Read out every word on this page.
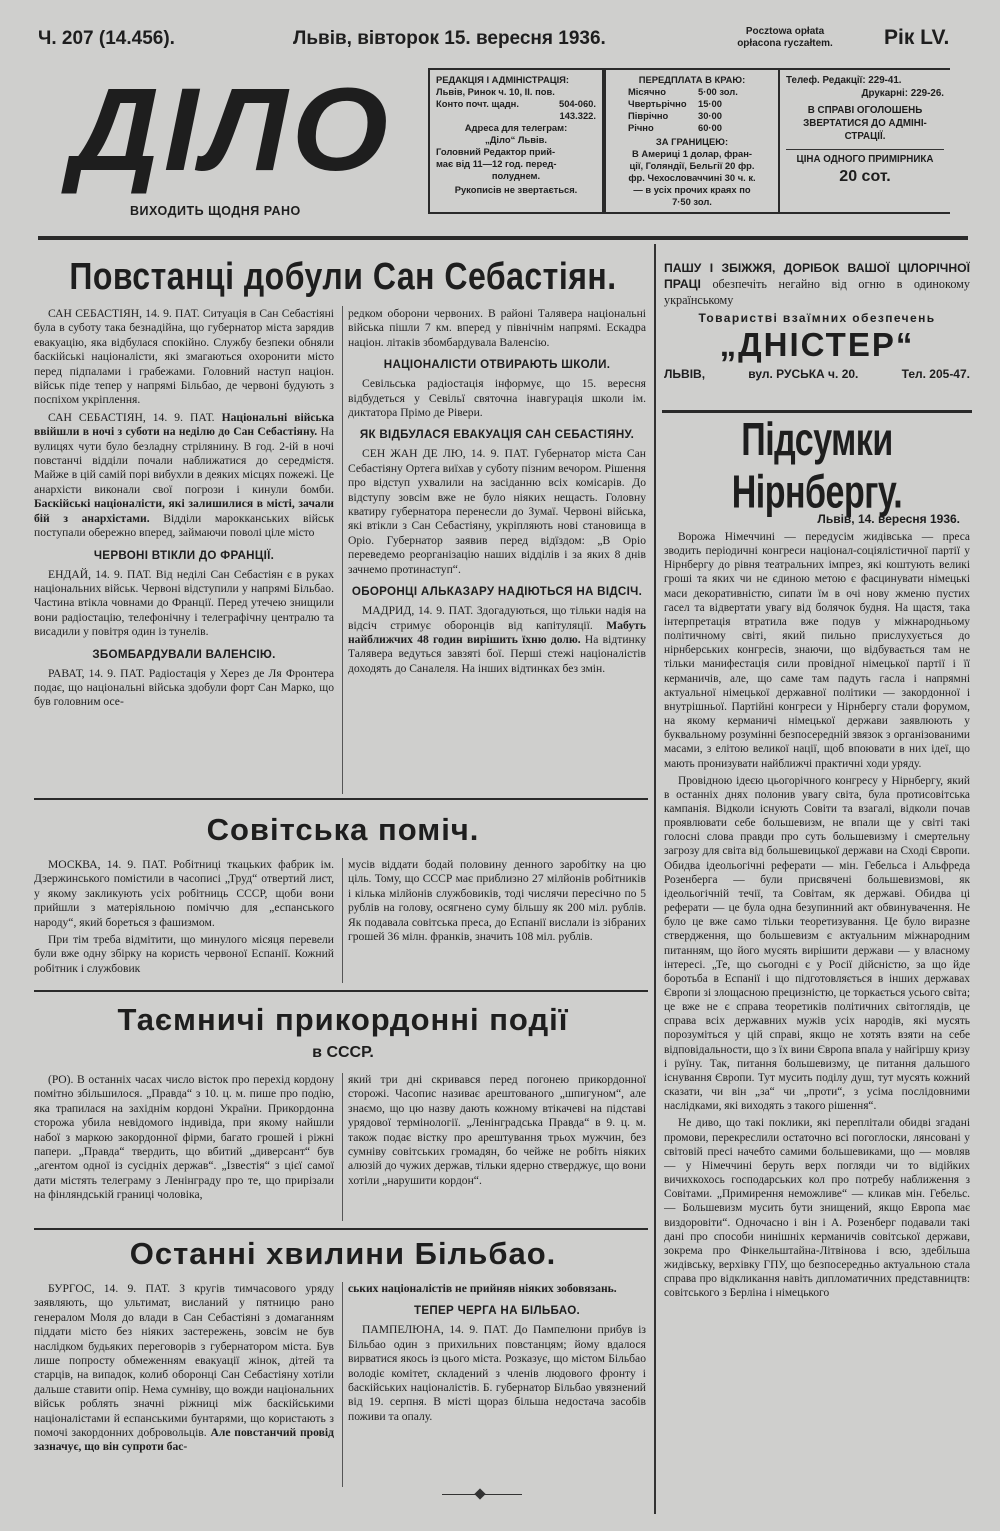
Ч. 207 (14.456).	Львів, вівторок 15. вересня 1936.	Pocztowa opłata
opłacona ryczałtem.	Рік LV.
ДІЛО
ВИХОДИТЬ ЩОДНЯ РАНО
РЕДАКЦІЯ І АДМІНІСТРАЦІЯ:
Львів, Ринок ч. 10, II. пов.
Конто почт. щадн.	504-060.
143.322.
Адреса для телеграм:
„Діло“ Львів.
Головний Редактор прий-
має від 11—12 год. перед-
полуднем.
Рукописів не звертається.
ПЕРЕДПЛАТА В КРАЮ:
Місячно	5·00 зол.
Чвертьрічно	15·00
Піврічно	30·00
Річно	60·00
ЗА ГРАНИЦЕЮ:
В Америці 1 долар, фран-
ції, Голяндії, Бельгії 20 фр.
фр. Чехословаччині 30 ч. к.
— в усіх прочих краях по
7·50 зол.
Телеф. Редакції: 229-41.
Друкарні: 229-26.
В СПРАВІ ОГОЛОШЕНЬ
ЗВЕРТАТИСЯ ДО АДМІНІ-
СТРАЦІЇ.
ЦІНА ОДНОГО ПРИМІРНИКА
20 сот.
Повстанці добули Сан Себастіян.

САН СЕБАСТІЯН, 14. 9. ПАТ. Ситуація в Сан Себастіяні була в суботу така безнадійна, що губернатор міста зарядив евакуацію, яка відбулася спокійно. Службу безпеки обняли баскійські націоналісти, які змагаються охоронити місто перед підпалами і грабежами. Головний наступ націон. військ піде тепер у напрямі Більбао, де червоні будують з поспіхом укріплення.

САН СЕБАСТІЯН, 14. 9. ПАТ. Національні війська ввійшли в ночі з суботи на неділю до Сан Себастіяну. На вулицях чути було безладну стрілянину. В год. 2-ій в ночі повстанчі відділи почали наближатися до середмістя. Майже в цій самій порі вибухли в деяких місцях пожежі. Це анархісти виконали свої погрози і кинули бомби. Баскійські націоналісти, які залишилися в місті, зачали бій з анархістами. Відділи марокканських військ поступали обережно вперед, займаючи поволі ціле місто

ЧЕРВОНІ ВТІКЛИ ДО ФРАНЦІЇ.

ЕНДАЙ, 14. 9. ПАТ. Від неділі Сан Себастіян є в руках національних військ. Червоні відступили у напрямі Більбао. Частина втікла човнами до Франції. Перед утечею знищили вони радіостацію, телефонічну і телеграфічну централю та висадили у повітря один із тунелів.

ЗБОМБАРДУВАЛИ ВАЛЕНСІЮ.

РАВАТ, 14. 9. ПАТ. Радіостація у Херез де Ля Фронтера подає, що національні війська здобули форт Сан Марко, що був головним осе-

редком оборони червоних. В районі Талявера національні війська пішли 7 км. вперед у північнім напрямі. Ескадра націон. літаків збомбардувала Валенсію.

НАЦІОНАЛІСТИ ОТВИРАЮТЬ ШКОЛИ.

Севільська радіостація інформує, що 15. вересня відбудеться у Севільї святочна інавгурація школи ім. диктатора Прімо де Рівери.

ЯК ВІДБУЛАСЯ ЕВАКУАЦІЯ САН СЕБАСТІЯНУ.

СЕН ЖАН ДЕ ЛЮ, 14. 9. ПАТ. Губернатор міста Сан Себастіяну Ортега виїхав у суботу пізним вечором. Рішення про відступ ухвалили на засіданню всіх комісарів. До відступу зовсім вже не було ніяких нещасть. Головну кватиру губернатора перенесли до Зумаї. Червоні війська, які втікли з Сан Себастіяну, укріпляють нові становища в Оріо. Губернатор заявив перед відїздом: „В Оріо переведемо реорганізацію наших відділів і за яких 8 днів зачнемо протинаступ“.

ОБОРОНЦІ АЛЬКАЗАРУ НАДІЮТЬСЯ НА ВІДСІЧ.

МАДРИД, 14. 9. ПАТ. Здогадуються, що тільки надія на відсіч стримує оборонців від капітуляції. Мабуть найближчих 48 годин вирішить їхню долю. На відтинку Талявера ведуться завзяті бої. Перші стежі націоналістів доходять до Саналеля. На інших відтинках без змін.

Совітська поміч.

МОСКВА, 14. 9. ПАТ. Робітниці ткацьких фабрик ім. Дзержинського помістили в часописі „Труд“ отвертий лист, у якому закликують усіх робітниць СССР, щоби вони прийшли з матеріяльною поміччю для „еспанського народу“, який бореться з фашизмом.

При тім треба відмітити, що минулого місяця перевели були вже одну збірку на користь червоної Еспанії. Кожний робітник і службовик

мусів віддати бодай половину денного заробітку на цю ціль. Тому, що СССР має приблизно 27 мілйонів робітників і кілька мілйонів службовиків, тоді числячи пересічно по 5 рублів на голову, осягнено суму більшу як 200 міл. рублів. Як подавала совітська преса, до Еспанії вислали із зібраних грошей 36 мілн. франків, значить 108 міл. рублів.

Таємничі прикордонні події
в СССР.

(PO). В останніх часах число вісток про перехід кордону помітно збільшилося. „Правда“ з 10. ц. м. пише про подію, яка трапилася на західнім кордоні України. Прикордонна сторожа убила невідомого індивіда, при якому найшли набої з маркою закордонної фірми, багато грошей і ріжні папери. „Правда“ твердить, що вбитий „диверсант“ був „агентом одної із сусідніх держав“. „Ізвестія“ з цієї самої дати містять телеграму з Ленінграду про те, що прирізали на фінляндській границі чоловіка,

який три дні скривався перед погонею прикордонної сторожі. Часопис називає арештованого „шпигуном“, але знаємо, що цю назву дають кожному втікачеві на підставі урядової термінології. „Ленінградська Правда“ в 9. ц. м. також подає вістку про арештування трьох мужчин, без сумніву совітських громадян, бо чейже не робіть ніяких алюзій до чужих держав, тільки ядерно стверджує, що вони хотіли „нарушити кордон“.

Останні хвилини Більбао.

БУРГОС, 14. 9. ПАТ. З кругів тимчасового уряду заявляють, що ультимат, висланий у пятницю рано генералом Моля до влади в Сан Себастіяні з домаганням піддати місто без ніяких застережень, зовсім не був наслідком будьяких переговорів з губернатором міста. Був лише попросту обмеженням евакуації жінок, дітей та старців, на випадок, колиб оборонці Сан Себастіяну хотіли дальше ставити опір. Нема сумніву, що вожди національних військ роблять значні ріжниці між баскійськими націоналістами й еспанськими бунтарями, що користають з помочі закордонних добровольців. Але повстанчий провід зазначує, що він супроти бас-

ських націоналістів не прийняв ніяких зобовязань.

ТЕПЕР ЧЕРГА НА БІЛЬБАО.

ПАМПЕЛЮНА, 14. 9. ПАТ. До Пампелюни прибув із Більбао один з прихильних повстанцям; йому вдалося вирватися якось із цього міста. Розказує, що містом Більбао володіє комітет, складений з членів людового фронту і баскійських націоналістів. Б. губернатор Більбао увязнений від 19. серпня. В місті щораз більша недостача засобів поживи та опалу.

ПАШУ І ЗБІЖЖЯ, ДОРІБОК ВАШОЇ ЦІЛОРІЧНОЇ ПРАЦІ обезпечіть негайно від огню в одинокому українському
Товаристві взаїмних обезпечень
„ДНІСТЕР“
ЛЬВІВ,	вул. РУСЬКА ч. 20.	Тел. 205-47.
Підсумки Нірнбергу.
Львів, 14. вересня 1936.

Ворожа Німеччині — передусім жидівська — преса зводить періодичні конгреси націонал-соціялістичної партії у Нірнбергу до рівня театральних імпрез, які коштують великі гроші та яких чи не єдиною метою є фасцинувати німецькі маси декоративністю, сипати їм в очі нову жменю пустих гасел та відвертати увагу від болячок будня. На щастя, така інтерпретація втратила вже подув у міжнародньому політичному світі, який пильно прислухується до нірнберських конгресів, знаючи, що відбувається там не тільки манифестація сили провідної німецької партії і її керманичів, але, що саме там падуть гасла і напрямні актуальної німецької державної політики — закордонної і внутрішньої. Партійні конгреси у Нірнбергу стали форумом, на якому керманичі німецької держави заявлюють у буквальному розумінні безпосередній звязок з організованими масами, з елітою великої нації, щоб впоювати в них ідеї, що мають пронизувати найближчі практичні ходи уряду.

Провідною ідеєю цьогорічного конгресу у Нірнбергу, який в останніх днях полонив увагу світа, була протисовітська кампанія. Відколи існують Совіти та взагалі, відколи почав проявлювати себе большевизм, не впали ще у світі такі голосні слова правди про суть большевизму і смертельну загрозу для світа від большевицької держави на Сході Європи. Обидва ідеольогічні реферати — мін. Гебельса і Альфреда Розенберга — були присвячені большевизмові, як ідеольогічній течії, та Совітам, як державі. Обидва ці реферати — це була одна безупинний акт обвинувачення. Не було це вже само тільки теоретизування. Це було виразне ствердження, що большевизм є актуальним міжнародним питанням, що його мусять вирішити держави — у власному інтересі. „Те, що сьогодні є у Росії дійсністю, за що йде боротьба в Еспанії і що підготовляється в інших державах Європи зі злощасною прецизністю, це торкається усього світа; це вже не є справа теоретиків політичних світоглядів, це справа всіх державних мужів усіх народів, які мусять порозуміться у цій справі, якщо не хотять взяти на себе відповідальности, що з їх вини Європа впала у найгіршу кризу і руїну. Так, питання большевизму, це питання дальшого існування Європи. Тут мусить поділу душ, тут мусять кожний сказати, чи він „за“ чи „проти“, з усіма послідовними наслідками, які виходять з такого рішення“.

Не диво, що такі поклики, які переплітали обидві згадані промови, перекреслили остаточно всі погоглоски, лянсовані у світовій пресі начебто самими большевиками, що — мовляв — у Німеччині беруть верх погляди чи то відійких вичихкохось господарських кол про потребу наближення з Совітами. „Примирення неможливе“ — кликав мін. Гебельс. — Большевизм мусить бути знищений, якщо Европа має виздоровіти“. Одночасно і він і А. Розенберг подавали такі дані про способи нинішніх керманичів совітської держави, зокрема про Фінкельштайна-Літвінова і всю, здебільша жидівську, верхівку ГПУ, що безпосередньо актуальною стала справа про відкликання навіть дипломатичних представництв: совітського з Берліна і німецького
